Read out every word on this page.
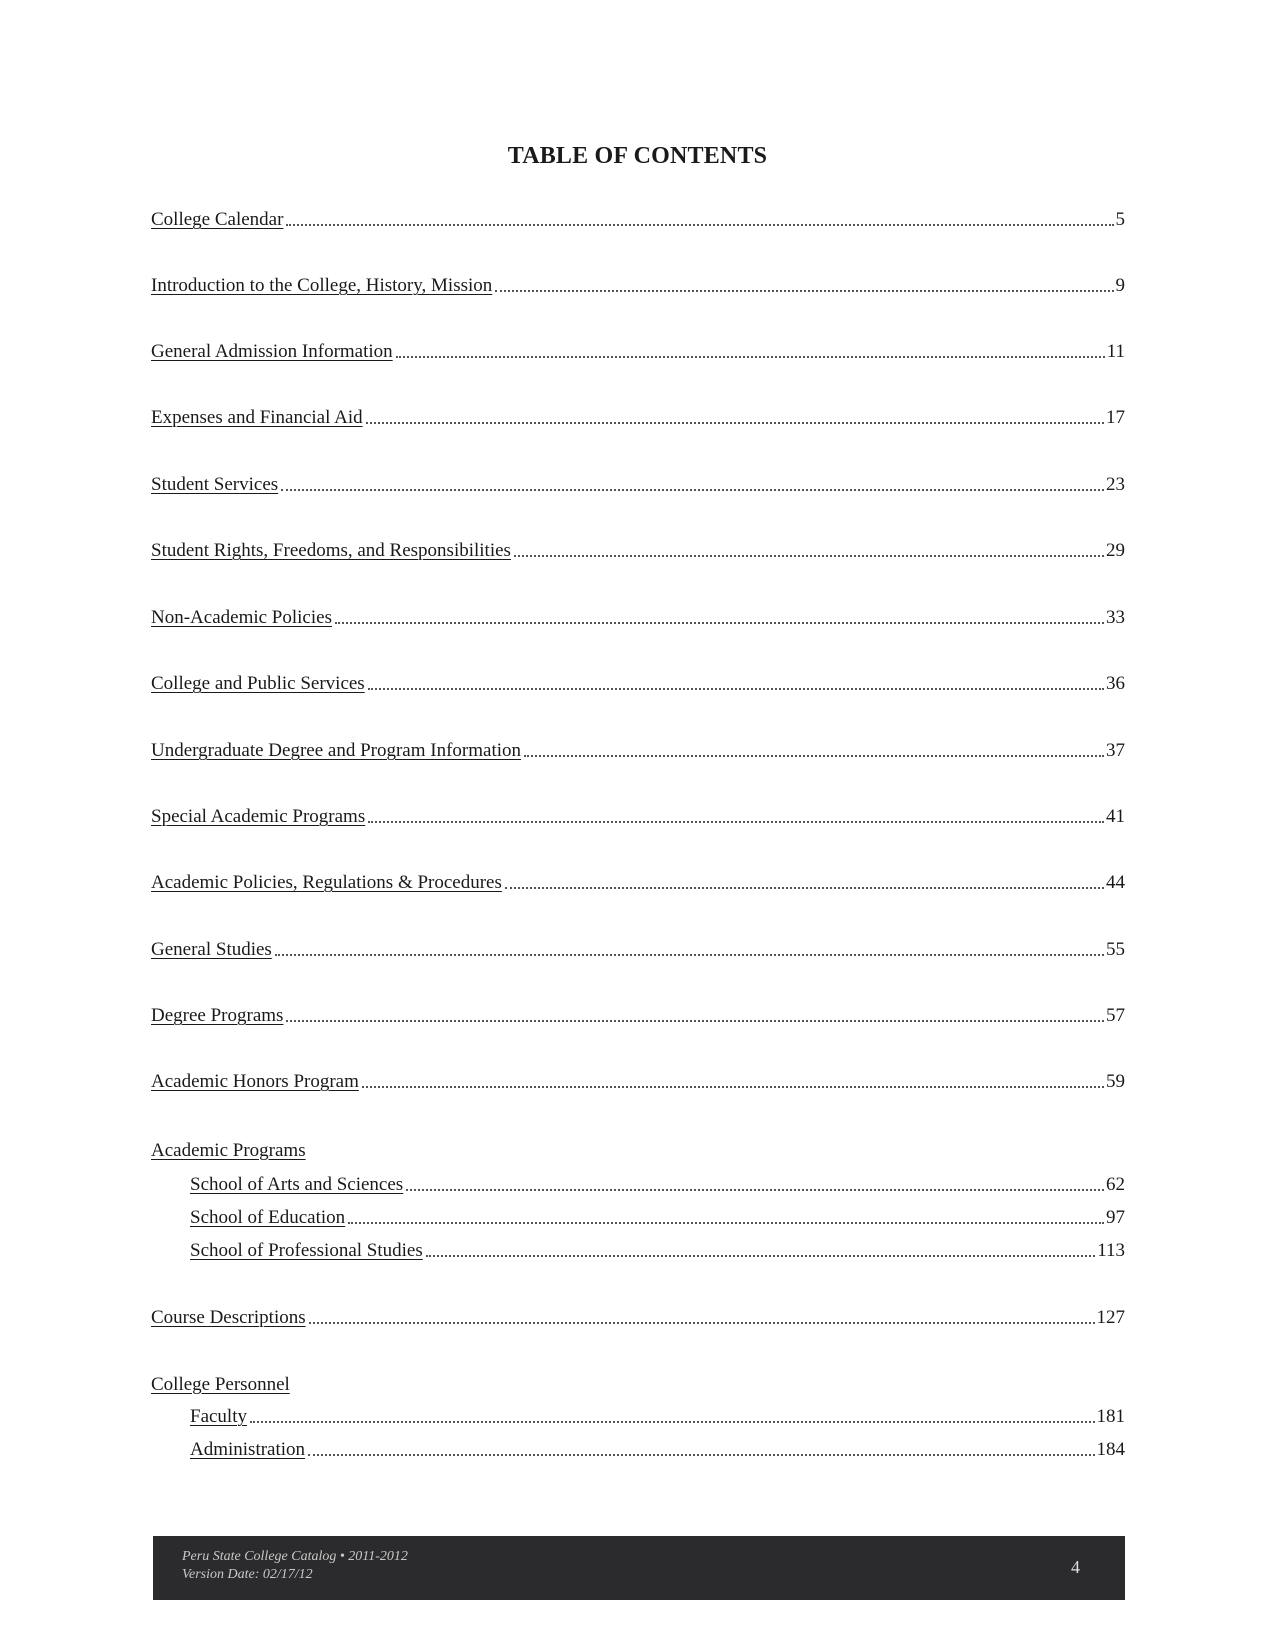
TABLE OF CONTENTS
College Calendar	5
Introduction to the College, History, Mission	9
General Admission Information	11
Expenses and Financial Aid	17
Student Services	23
Student Rights, Freedoms, and Responsibilities	29
Non-Academic Policies	33
College and Public Services	36
Undergraduate Degree and Program Information	37
Special Academic Programs	41
Academic Policies, Regulations & Procedures	44
General Studies	55
Degree Programs	57
Academic Honors Program	59
Academic Programs
School of Arts and Sciences	62
School of Education	97
School of Professional Studies	113
Course Descriptions	127
College Personnel
Faculty	181
Administration	184
Peru State College Catalog • 2011-2012
Version Date: 02/17/12	4
